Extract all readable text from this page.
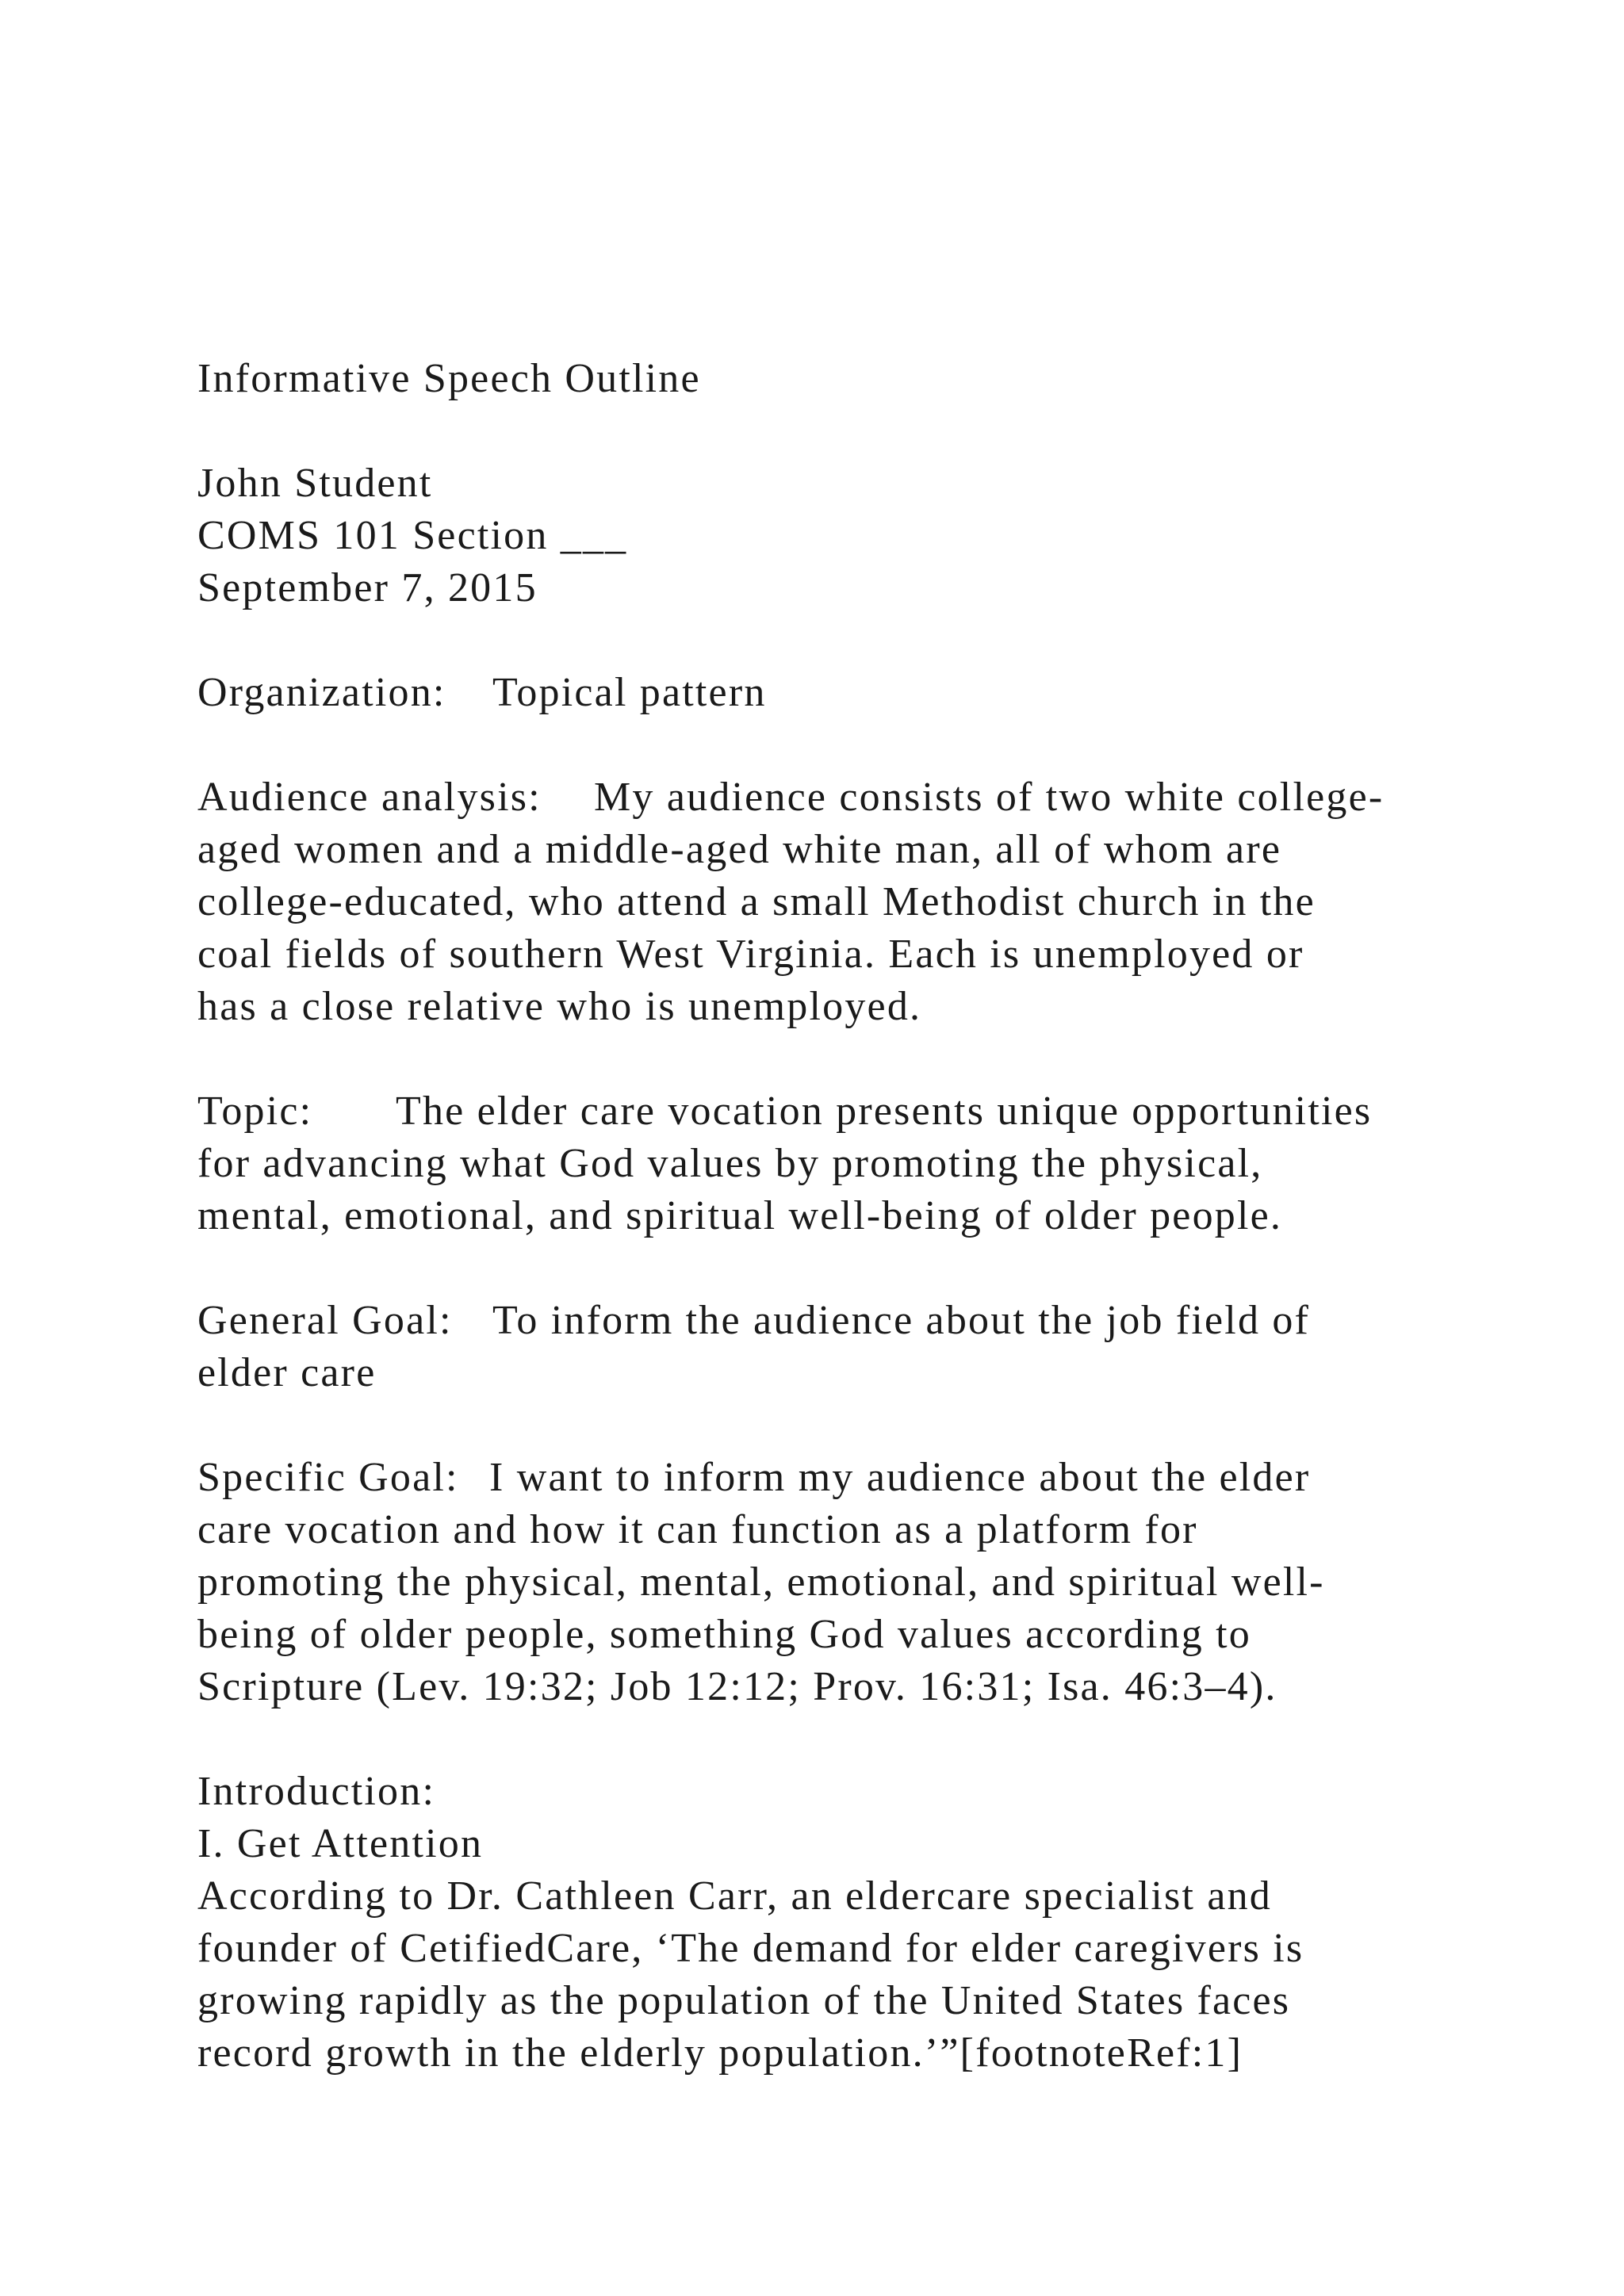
Informative Speech Outline

John Student

COMS 101 Section ___

September 7, 2015

Organization: Topical pattern

Audience analysis: My audience consists of two white college-

aged women and a middle-aged white man, all of whom are

college-educated, who attend a small Methodist church in the

coal fields of southern West Virginia. Each is unemployed or

has a close relative who is unemployed.

Topic: The elder care vocation presents unique opportunities

for advancing what God values by promoting the physical,

mental, emotional, and spiritual well-being of older people.

General Goal: To inform the audience about the job field of

elder care

Specific Goal: I want to inform my audience about the elder

care vocation and how it can function as a platform for

promoting the physical, mental, emotional, and spiritual well-

being of older people, something God values according to

Scripture (Lev. 19:32; Job 12:12; Prov. 16:31; Isa. 46:3–4).

Introduction:

I. Get Attention

According to Dr. Cathleen Carr, an eldercare specialist and

founder of CetifiedCare, ‘The demand for elder caregivers is

growing rapidly as the population of the United States faces

record growth in the elderly population.’”[footnoteRef:1]
